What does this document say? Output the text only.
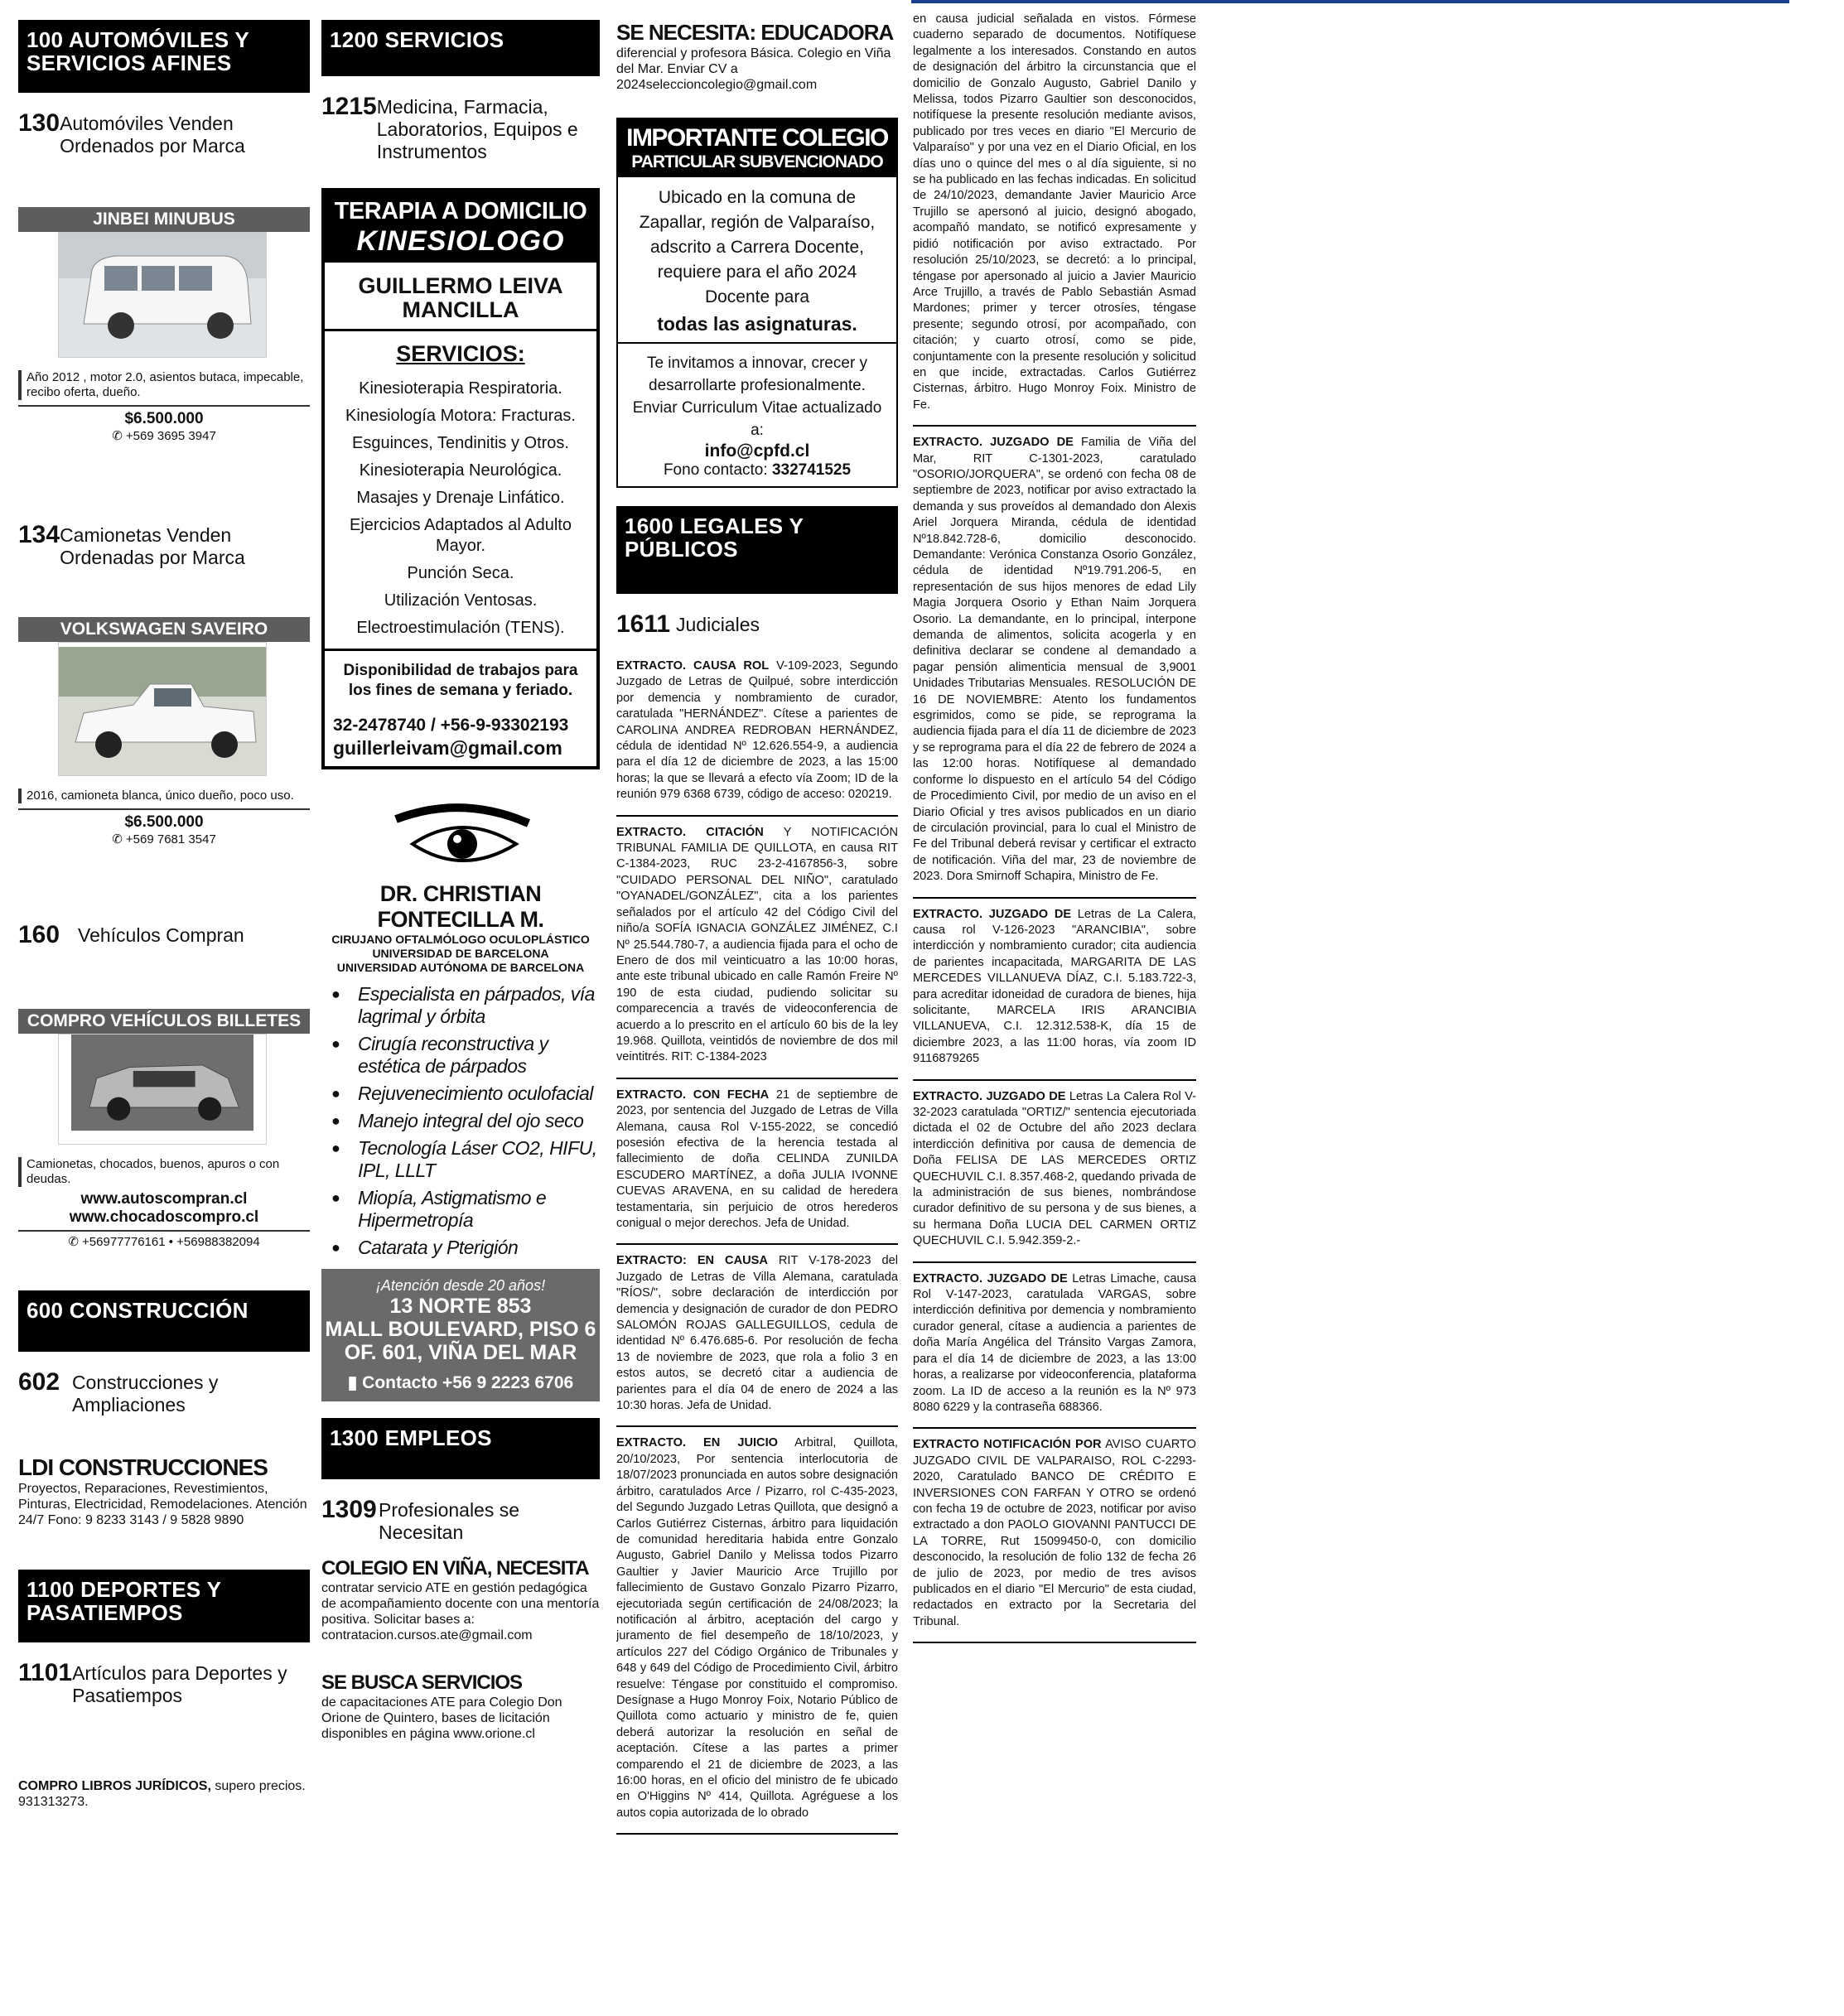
100 AUTOMÓVILES Y SERVICIOS AFINES
130 Automóviles Venden Ordenados por Marca
JINBEI MINUBUS
Año 2012 , motor 2.0, asientos butaca, impecable, recibo oferta, dueño.
$6.500.000
✆ +569 3695 3947
134 Camionetas Venden Ordenadas por Marca
VOLKSWAGEN SAVEIRO
2016, camioneta blanca, único dueño, poco uso.
$6.500.000
✆ +569 7681 3547
160 Vehículos Compran
COMPRO VEHÍCULOS BILLETES
Camionetas, chocados, buenos, apuros o con deudas.
www.autoscompran.cl
www.chocadoscompro.cl
✆ +56977776161 • +56988382094
600 CONSTRUCCIÓN
602 Construcciones y Ampliaciones
LDI CONSTRUCCIONES
Proyectos, Reparaciones, Revestimientos, Pinturas, Electricidad, Remodelaciones. Atención 24/7 Fono: 9 8233 3143 / 9 5828 9890
1100 DEPORTES Y PASATIEMPOS
1101 Artículos para Deportes y Pasatiempos
COMPRO LIBROS JURÍDICOS, supero precios. 931313273.
1200 SERVICIOS
1215 Medicina, Farmacia, Laboratorios, Equipos e Instrumentos
TERAPIA A DOMICILIO
KINESIOLOGO
GUILLERMO LEIVA MANCILLA
SERVICIOS:
Kinesioterapia Respiratoria.
Kinesiología Motora: Fracturas.
Esguinces, Tendinitis y Otros.
Kinesioterapia Neurológica.
Masajes y Drenaje Linfático.
Ejercicios Adaptados al Adulto Mayor.
Punción Seca.
Utilización Ventosas.
Electroestimulación (TENS).
Disponibilidad de trabajos para los fines de semana y feriado.
32-2478740 / +56-9-93302193
guillerleivam@gmail.com
DR. CHRISTIAN FONTECILLA M.
CIRUJANO OFTALMÓLOGO OCULOPLÁSTICO
UNIVERSIDAD DE BARCELONA
UNIVERSIDAD AUTÓNOMA DE BARCELONA
● Especialista en párpados, vía lagrimal y órbita
● Cirugía reconstructiva y estética de párpados
● Rejuvenecimiento oculofacial
● Manejo integral del ojo seco
● Tecnología Láser CO2, HIFU, IPL, LLLT
● Miopía, Astigmatismo e Hipermetropía
● Catarata y Pterigión
¡Atención desde 20 años!
13 NORTE 853
MALL BOULEVARD, PISO 6
OF. 601, VIÑA DEL MAR
▮ Contacto +56 9 2223 6706
1300 EMPLEOS
1309 Profesionales se Necesitan
COLEGIO EN VIÑA, NECESITA
contratar servicio ATE en gestión pedagógica de acompañamiento docente con una mentoría positiva. Solicitar bases a: contratacion.cursos.ate@gmail.com
SE BUSCA SERVICIOS
de capacitaciones ATE para Colegio Don Orione de Quintero, bases de licitación disponibles en página www.orione.cl
SE NECESITA: EDUCADORA
diferencial y profesora Básica. Colegio en Viña del Mar. Enviar CV a 2024seleccioncolegio@gmail.com
IMPORTANTE COLEGIO
PARTICULAR SUBVENCIONADO
Ubicado en la comuna de Zapallar, región de Valparaíso, adscrito a Carrera Docente, requiere para el año 2024 Docente para
todas las asignaturas.
Te invitamos a innovar, crecer y desarrollarte profesionalmente. Enviar Curriculum Vitae actualizado a:
info@cpfd.cl
Fono contacto: 332741525
1600 LEGALES Y PÚBLICOS
1611 Judiciales
EXTRACTO. CAUSA ROL V-109-2023, Segundo Juzgado de Letras de Quilpué, sobre interdicción por demencia y nombramiento de curador, caratulada "HERNÁNDEZ". Cítese a parientes de CAROLINA ANDREA REDROBAN HERNÁNDEZ, cédula de identidad Nº 12.626.554-9, a audiencia para el día 12 de diciembre de 2023, a las 15:00 horas; la que se llevará a efecto vía Zoom; ID de la reunión 979 6368 6739, código de acceso: 020219.
EXTRACTO. CITACIÓN Y NOTIFICACIÓN TRIBUNAL FAMILIA DE QUILLOTA, en causa RIT C-1384-2023, RUC 23-2-4167856-3, sobre "CUIDADO PERSONAL DEL NIÑO", caratulado "OYANADEL/GONZÁLEZ", cita a los parientes señalados por el artículo 42 del Código Civil del niño/a SOFÍA IGNACIA GONZÁLEZ JIMÉNEZ, C.I Nº 25.544.780-7, a audiencia fijada para el ocho de Enero de dos mil veinticuatro a las 10:00 horas, ante este tribunal ubicado en calle Ramón Freire Nº 190 de esta ciudad, pudiendo solicitar su comparecencia a través de videoconferencia de acuerdo a lo prescrito en el artículo 60 bis de la ley 19.968. Quillota, veintidós de noviembre de dos mil veintitrés. RIT: C-1384-2023
EXTRACTO. CON FECHA 21 de septiembre de 2023, por sentencia del Juzgado de Letras de Villa Alemana, causa Rol V-155-2022, se concedió posesión efectiva de la herencia testada al fallecimiento de doña CELINDA ZUNILDA ESCUDERO MARTÍNEZ, a doña JULIA IVONNE CUEVAS ARAVENA, en su calidad de heredera testamentaria, sin perjuicio de otros herederos conigual o mejor derechos. Jefa de Unidad.
EXTRACTO: EN CAUSA RIT V-178-2023 del Juzgado de Letras de Villa Alemana, caratulada "RÍOS/", sobre declaración de interdicción por demencia y designación de curador de don PEDRO SALOMÓN ROJAS GALLEGUILLOS, cedula de identidad Nº 6.476.685-6. Por resolución de fecha 13 de noviembre de 2023, que rola a folio 3 en estos autos, se decretó citar a audiencia de parientes para el día 04 de enero de 2024 a las 10:30 horas. Jefa de Unidad.
EXTRACTO. EN JUICIO Arbitral, Quillota, 20/10/2023, Por sentencia interlocutoria de 18/07/2023 pronunciada en autos sobre designación árbitro, caratulados Arce / Pizarro, rol C-435-2023, del Segundo Juzgado Letras Quillota, que designó a Carlos Gutiérrez Cisternas, árbitro para liquidación de comunidad hereditaria habida entre Gonzalo Augusto, Gabriel Danilo y Melissa todos Pizarro Gaultier y Javier Mauricio Arce Trujillo por fallecimiento de Gustavo Gonzalo Pizarro Pizarro, ejecutoriada según certificación de 24/08/2023; la notificación al árbitro, aceptación del cargo y juramento de fiel desempeño de 18/10/2023, y artículos 227 del Código Orgánico de Tribunales y 648 y 649 del Código de Procedimiento Civil, árbitro resuelve: Téngase por constituido el compromiso. Desígnase a Hugo Monroy Foix, Notario Público de Quillota como actuario y ministro de fe, quien deberá autorizar la resolución en señal de aceptación. Cítese a las partes a primer comparendo el 21 de diciembre de 2023, a las 16:00 horas, en el oficio del ministro de fe ubicado en O'Higgins Nº 414, Quillota. Agréguese a los autos copia autorizada de lo obrado
en causa judicial señalada en vistos. Fórmese cuaderno separado de documentos. Notifíquese legalmente a los interesados. Constando en autos de designación del árbitro la circunstancia que el domicilio de Gonzalo Augusto, Gabriel Danilo y Melissa, todos Pizarro Gaultier son desconocidos, notifíquese la presente resolución mediante avisos, publicado por tres veces en diario "El Mercurio de Valparaíso" y por una vez en el Diario Oficial, en los días uno o quince del mes o al día siguiente, si no se ha publicado en las fechas indicadas. En solicitud de 24/10/2023, demandante Javier Mauricio Arce Trujillo se apersonó al juicio, designó abogado, acompañó mandato, se notificó expresamente y pidió notificación por aviso extractado. Por resolución 25/10/2023, se decretó: a lo principal, téngase por apersonado al juicio a Javier Mauricio Arce Trujillo, a través de Pablo Sebastián Asmad Mardones; primer y tercer otrosíes, téngase presente; segundo otrosí, por acompañado, con citación; y cuarto otrosí, como se pide, conjuntamente con la presente resolución y solicitud en que incide, extractadas. Carlos Gutiérrez Cisternas, árbitro. Hugo Monroy Foix. Ministro de Fe.
EXTRACTO. JUZGADO DE Familia de Viña del Mar, RIT C-1301-2023, caratulado "OSORIO/JORQUERA", se ordenó con fecha 08 de septiembre de 2023, notificar por aviso extractado la demanda y sus proveídos al demandado don Alexis Ariel Jorquera Miranda, cédula de identidad Nº18.842.728-6, domicilio desconocido. Demandante: Verónica Constanza Osorio González, cédula de identidad Nº19.791.206-5, en representación de sus hijos menores de edad Lily Magia Jorquera Osorio y Ethan Naim Jorquera Osorio. La demandante, en lo principal, interpone demanda de alimentos, solicita acogerla y en definitiva declarar se condene al demandado a pagar pensión alimenticia mensual de 3,9001 Unidades Tributarias Mensuales. RESOLUCIÓN DE 16 DE NOVIEMBRE: Atento los fundamentos esgrimidos, como se pide, se reprograma la audiencia fijada para el día 11 de diciembre de 2023 y se reprograma para el día 22 de febrero de 2024 a las 12:00 horas. Notifíquese al demandado conforme lo dispuesto en el artículo 54 del Código de Procedimiento Civil, por medio de un aviso en el Diario Oficial y tres avisos publicados en un diario de circulación provincial, para lo cual el Ministro de Fe del Tribunal deberá revisar y certificar el extracto de notificación. Viña del mar, 23 de noviembre de 2023. Dora Smirnoff Schapira, Ministro de Fe.
EXTRACTO. JUZGADO DE Letras de La Calera, causa rol V-126-2023 "ARANCIBIA", sobre interdicción y nombramiento curador; cita audiencia de parientes incapacitada, MARGARITA DE LAS MERCEDES VILLANUEVA DÍAZ, C.I. 5.183.722-3, para acreditar idoneidad de curadora de bienes, hija solicitante, MARCELA IRIS ARANCIBIA VILLANUEVA, C.I. 12.312.538-K, día 15 de diciembre 2023, a las 11:00 horas, vía zoom ID 9116879265
EXTRACTO. JUZGADO DE Letras La Calera Rol V-32-2023 caratulada "ORTIZ/" sentencia ejecutoriada dictada el 02 de Octubre del año 2023 declara interdicción definitiva por causa de demencia de Doña FELISA DE LAS MERCEDES ORTIZ QUECHUVIL C.I. 8.357.468-2, quedando privada de la administración de sus bienes, nombrándose curador definitivo de su persona y de sus bienes, a su hermana Doña LUCIA DEL CARMEN ORTIZ QUECHUVIL C.I. 5.942.359-2.-
EXTRACTO. JUZGADO DE Letras Limache, causa Rol V-147-2023, caratulada VARGAS, sobre interdicción definitiva por demencia y nombramiento curador general, cítase a audiencia a parientes de doña María Angélica del Tránsito Vargas Zamora, para el día 14 de diciembre de 2023, a las 13:00 horas, a realizarse por videoconferencia, plataforma zoom. La ID de acceso a la reunión es la Nº 973 8080 6229 y la contraseña 688366.
EXTRACTO NOTIFICACIÓN POR AVISO CUARTO JUZGADO CIVIL DE VALPARAISO, ROL C-2293-2020, Caratulado BANCO DE CRÉDITO E INVERSIONES CON FARFAN Y OTRO se ordenó con fecha 19 de octubre de 2023, notificar por aviso extractado a don PAOLO GIOVANNI PANTUCCI DE LA TORRE, Rut 15099450-0, con domicilio desconocido, la resolución de folio 132 de fecha 26 de julio de 2023, por medio de tres avisos publicados en el diario "El Mercurio" de esta ciudad, redactados en extracto por la Secretaria del Tribunal.
